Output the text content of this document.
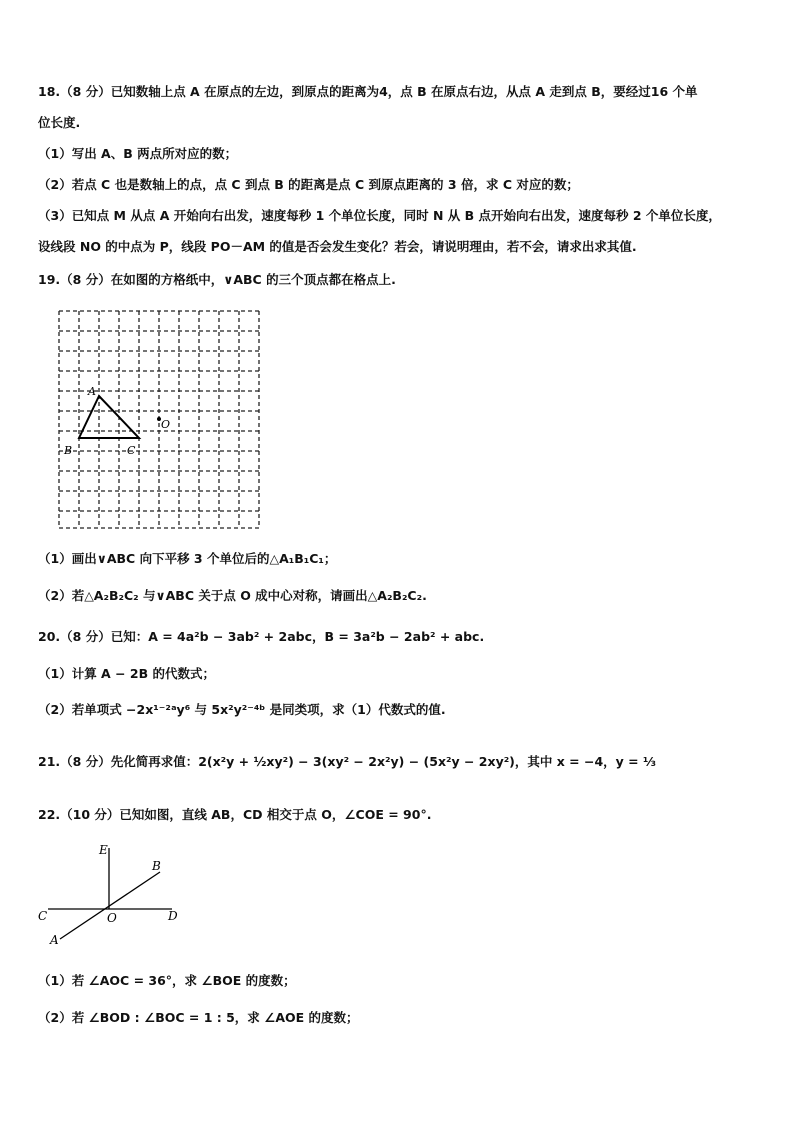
18.（8 分）已知数轴上点 A 在原点的左边，到原点的距离为4，点 B 在原点右边，从点 A 走到点 B，要经过16 个单
位长度.
（1）写出 A、B 两点所对应的数；
（2）若点 C 也是数轴上的点，点 C 到点 B 的距离是点 C 到原点距离的 3 倍，求 C 对应的数；
（3）已知点 M 从点 A 开始向右出发，速度每秒 1 个单位长度，同时 N 从 B 点开始向右出发，速度每秒 2 个单位长度，
设线段 NO 的中点为 P，线段 PO－AM 的值是否会发生变化？若会，请说明理由，若不会，请求出求其值.
19.（8 分）在如图的方格纸中，∨ABC 的三个顶点都在格点上.
A
B	C
O
（1）画出∨ABC 向下平移 3 个单位后的△A₁B₁C₁；
（2）若△A₂B₂C₂ 与∨ABC 关于点 O 成中心对称，请画出△A₂B₂C₂.
20.（8 分）已知：A = 4a²b − 3ab² + 2abc，B = 3a²b − 2ab² + abc.
（1）计算 A − 2B 的代数式；
（2）若单项式 −2x¹⁻²ᵃy⁶ 与 5x²y²⁻⁴ᵇ 是同类项，求（1）代数式的值.
21.（8 分）先化简再求值：2(x²y + ½xy²) − 3(xy² − 2x²y) − (5x²y − 2xy²)，其中 x = −4，y = ⅓
22.（10 分）已知如图，直线 AB，CD 相交于点 O，∠COE = 90°.
E
B
C	O	D
A
（1）若 ∠AOC = 36°，求 ∠BOE 的度数；
（2）若 ∠BOD : ∠BOC = 1 : 5，求 ∠AOE 的度数；
